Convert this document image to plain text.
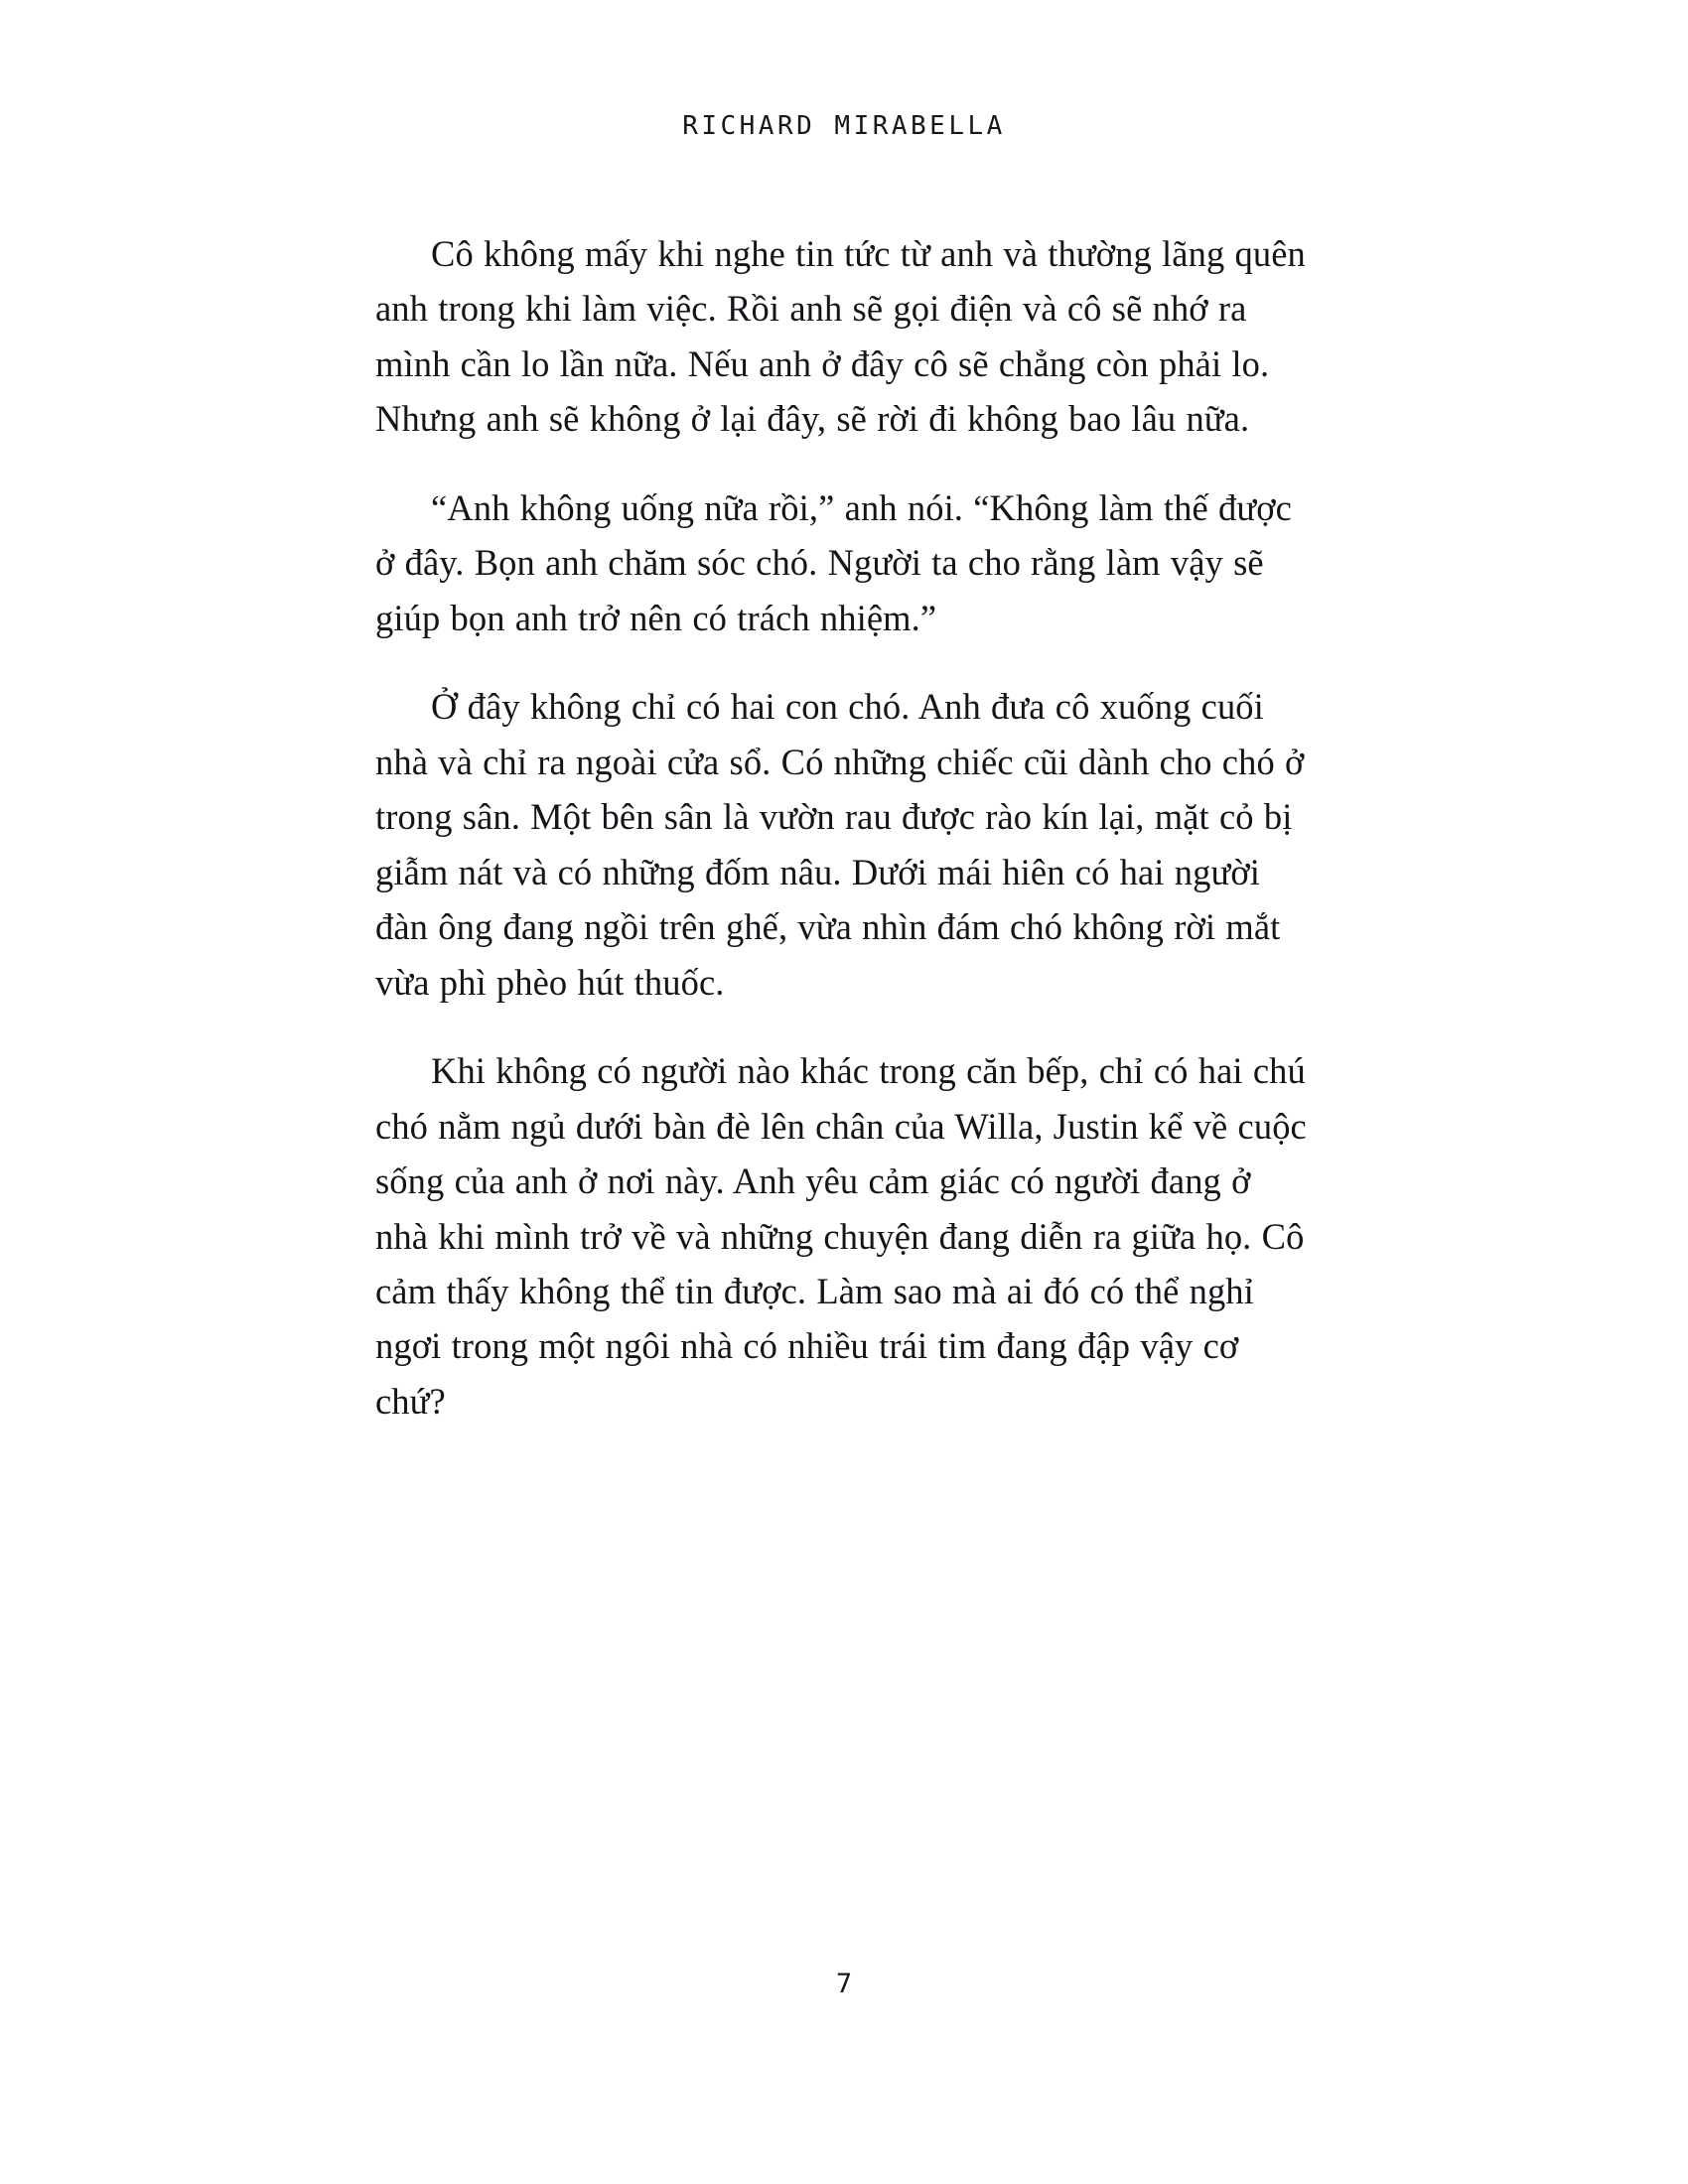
RICHARD MIRABELLA

Cô không mấy khi nghe tin tức từ anh và thường lãng quên anh trong khi làm việc. Rồi anh sẽ gọi điện và cô sẽ nhớ ra mình cần lo lần nữa. Nếu anh ở đây cô sẽ chẳng còn phải lo. Nhưng anh sẽ không ở lại đây, sẽ rời đi không bao lâu nữa.

“Anh không uống nữa rồi,” anh nói. “Không làm thế được ở đây. Bọn anh chăm sóc chó. Người ta cho rằng làm vậy sẽ giúp bọn anh trở nên có trách nhiệm.”

Ở đây không chỉ có hai con chó. Anh đưa cô xuống cuối nhà và chỉ ra ngoài cửa sổ. Có những chiếc cũi dành cho chó ở trong sân. Một bên sân là vườn rau được rào kín lại, mặt cỏ bị giẫm nát và có những đốm nâu. Dưới mái hiên có hai người đàn ông đang ngồi trên ghế, vừa nhìn đám chó không rời mắt vừa phì phèo hút thuốc.

Khi không có người nào khác trong căn bếp, chỉ có hai chú chó nằm ngủ dưới bàn đè lên chân của Willa, Justin kể về cuộc sống của anh ở nơi này. Anh yêu cảm giác có người đang ở nhà khi mình trở về và những chuyện đang diễn ra giữa họ. Cô cảm thấy không thể tin được. Làm sao mà ai đó có thể nghỉ ngơi trong một ngôi nhà có nhiều trái tim đang đập vậy cơ chứ?

7
